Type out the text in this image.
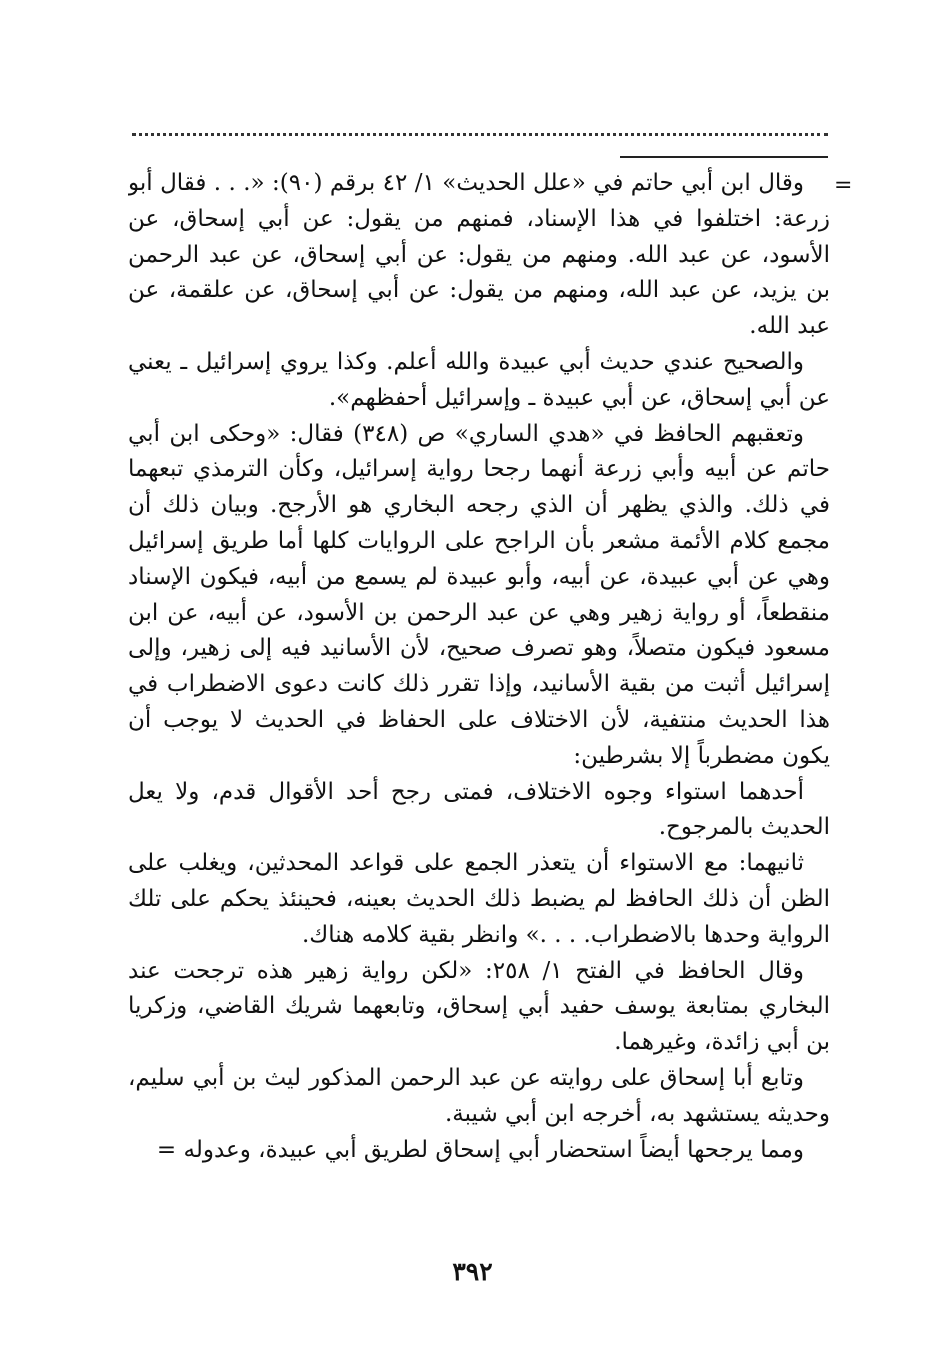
=

وقال ابن أبي حاتم في «علل الحديث» ١/ ٤٢ برقم (٩٠): «. . . فقال أبو زرعة: اختلفوا في هذا الإسناد، فمنهم من يقول: عن أبي إسحاق، عن الأسود، عن عبد الله. ومنهم من يقول: عن أبي إسحاق، عن عبد الرحمن بن يزيد، عن عبد الله، ومنهم من يقول: عن أبي إسحاق، عن علقمة، عن عبد الله.

والصحيح عندي حديث أبي عبيدة والله أعلم. وكذا يروي إسرائيل ـ يعني عن أبي إسحاق، عن أبي عبيدة ـ وإسرائيل أحفظهم».

وتعقبهم الحافظ في «هدي الساري» ص (٣٤٨) فقال: «وحكى ابن أبي حاتم عن أبيه وأبي زرعة أنهما رجحا رواية إسرائيل، وكأن الترمذي تبعهما في ذلك. والذي يظهر أن الذي رجحه البخاري هو الأرجح. وبيان ذلك أن مجمع كلام الأئمة مشعر بأن الراجح على الروايات كلها أما طريق إسرائيل وهي عن أبي عبيدة، عن أبيه، وأبو عبيدة لم يسمع من أبيه، فيكون الإسناد منقطعاً، أو رواية زهير وهي عن عبد الرحمن بن الأسود، عن أبيه، عن ابن مسعود فيكون متصلاً، وهو تصرف صحيح، لأن الأسانيد فيه إلى زهير، وإلى إسرائيل أثبت من بقية الأسانيد، وإذا تقرر ذلك كانت دعوى الاضطراب في هذا الحديث منتفية، لأن الاختلاف على الحفاظ في الحديث لا يوجب أن يكون مضطرباً إلا بشرطين:

أحدهما استواء وجوه الاختلاف، فمتى رجح أحد الأقوال قدم، ولا يعل الحديث بالمرجوح.

ثانيهما: مع الاستواء أن يتعذر الجمع على قواعد المحدثين، ويغلب على الظن أن ذلك الحافظ لم يضبط ذلك الحديث بعينه، فحينئذ يحكم على تلك الرواية وحدها بالاضطراب. . . .» وانظر بقية كلامه هناك.

وقال الحافظ في الفتح ١/ ٢٥٨: «لكن رواية زهير هذه ترجحت عند البخاري بمتابعة يوسف حفيد أبي إسحاق، وتابعهما شريك القاضي، وزكريا بن أبي زائدة، وغيرهما.

وتابع أبا إسحاق على روايته عن عبد الرحمن المذكور ليث بن أبي سليم، وحديثه يستشهد به، أخرجه ابن أبي شيبة.

ومما يرجحها أيضاً استحضار أبي إسحاق لطريق أبي عبيدة، وعدوله =

٣٩٢
